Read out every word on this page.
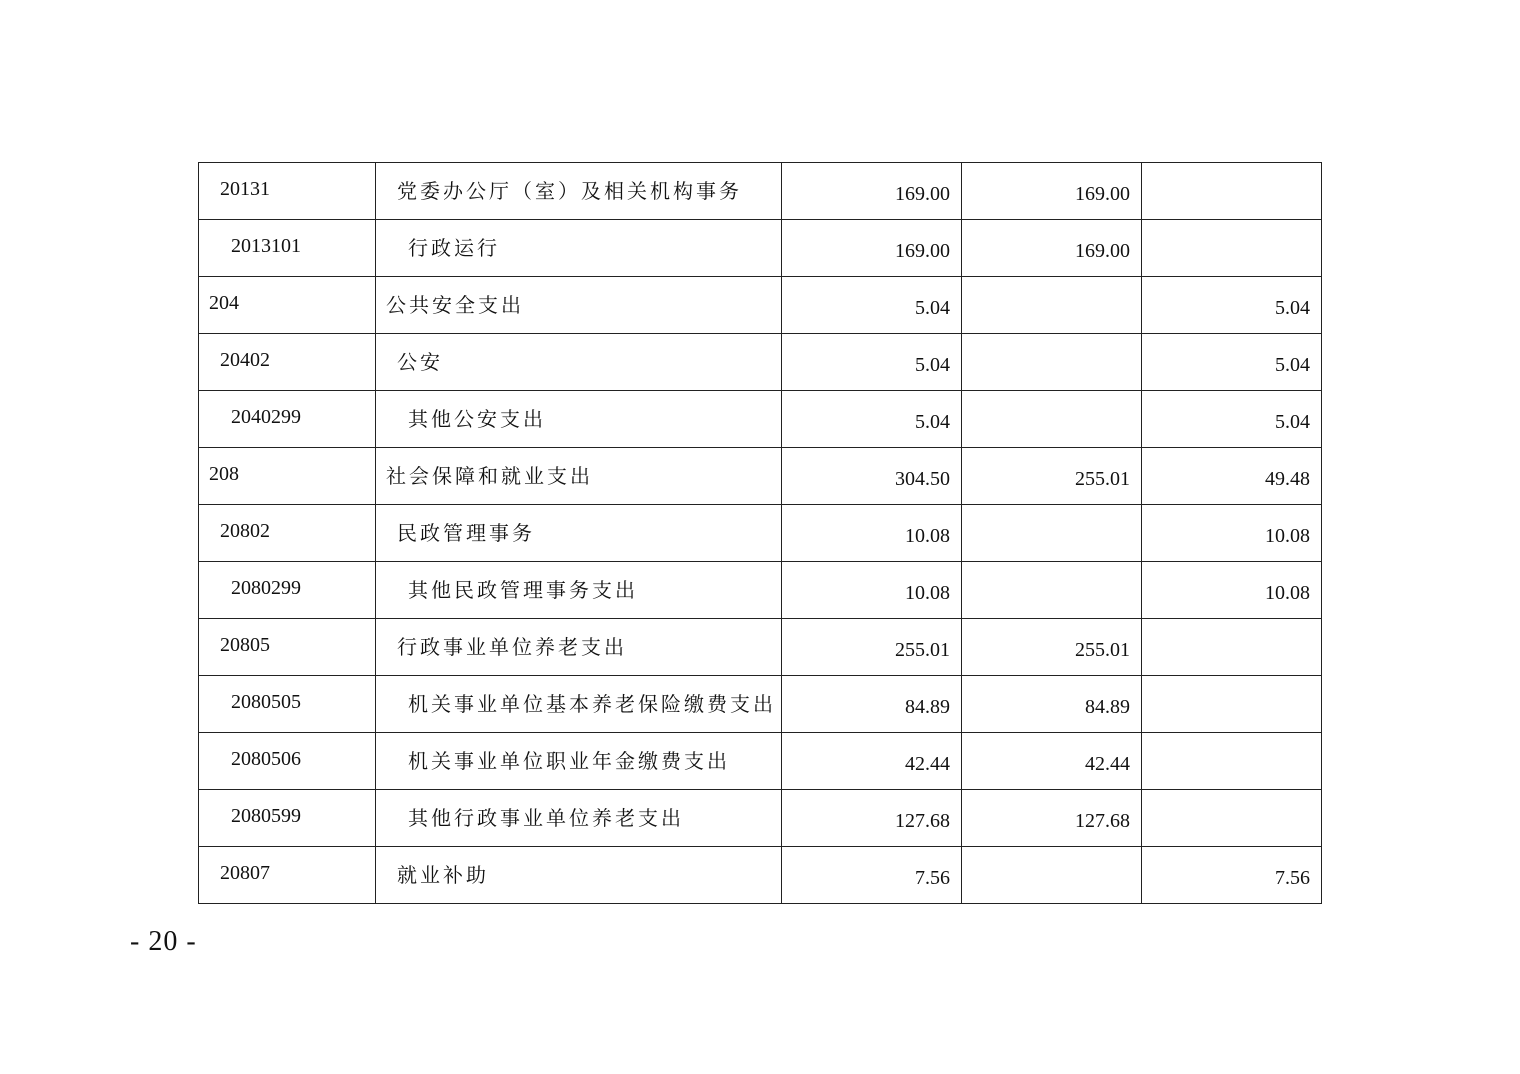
20131	党委办公厅（室）及相关机构事务	169.00	169.00	
2013101	行政运行	169.00	169.00	
204	公共安全支出	5.04		5.04
20402	公安	5.04		5.04
2040299	其他公安支出	5.04		5.04
208	社会保障和就业支出	304.50	255.01	49.48
20802	民政管理事务	10.08		10.08
2080299	其他民政管理事务支出	10.08		10.08
20805	行政事业单位养老支出	255.01	255.01	
2080505	机关事业单位基本养老保险缴费支出	84.89	84.89	
2080506	机关事业单位职业年金缴费支出	42.44	42.44	
2080599	其他行政事业单位养老支出	127.68	127.68	
20807	就业补助	7.56		7.56
- 20 -
